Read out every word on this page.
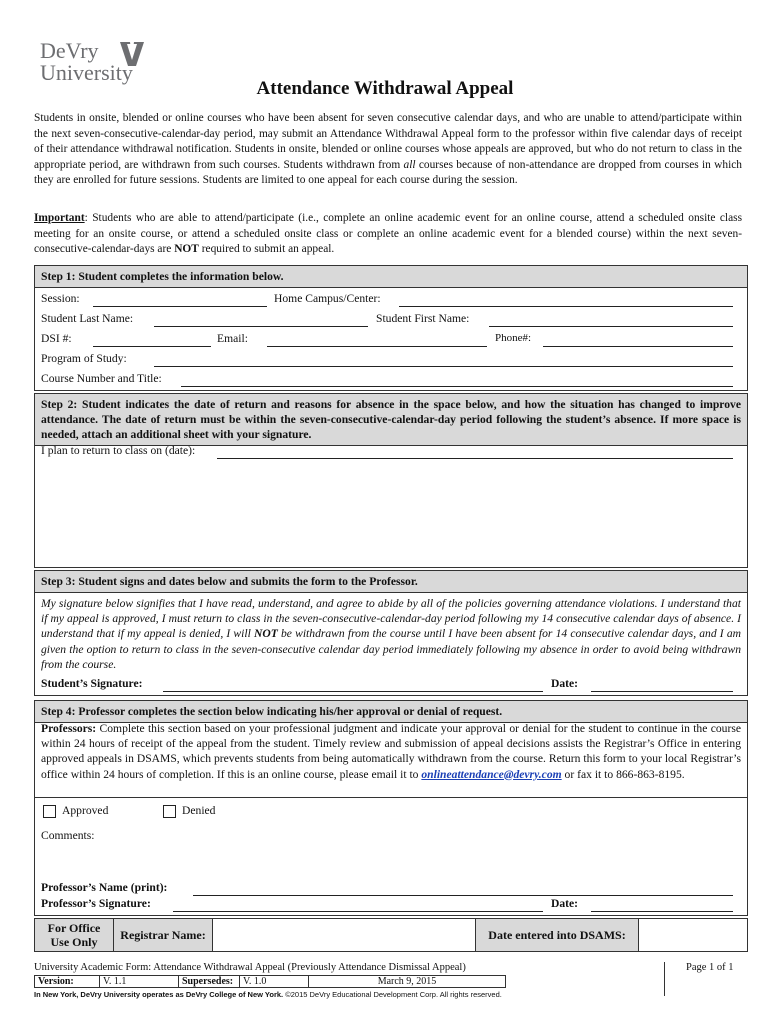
DeVry
University
Attendance Withdrawal Appeal
Students in onsite, blended or online courses who have been absent for seven consecutive calendar days, and who are unable to attend/participate within the next seven-consecutive-calendar-day period, may submit an Attendance Withdrawal Appeal form to the professor within five calendar days of receipt of their attendance withdrawal notification. Students in onsite, blended or online courses whose appeals are approved, but who do not return to class in the appropriate period, are withdrawn from such courses. Students withdrawn from all courses because of non-attendance are dropped from courses in which they are enrolled for future sessions. Students are limited to one appeal for each course during the session.
Important: Students who are able to attend/participate (i.e., complete an online academic event for an online course, attend a scheduled onsite class meeting for an onsite course, or attend a scheduled onsite class or complete an online academic event for a blended course) within the next seven-consecutive-calendar-days are NOT required to submit an appeal.
Step 1: Student completes the information below.
Session:	Home Campus/Center:
Student Last Name:	Student First Name:
DSI #:	Email:	Phone#:
Program of Study:
Course Number and Title:
Step 2: Student indicates the date of return and reasons for absence in the space below, and how the situation has changed to improve attendance. The date of return must be within the seven-consecutive-calendar-day period following the student’s absence. If more space is needed, attach an additional sheet with your signature.
I plan to return to class on (date):
Step 3: Student signs and dates below and submits the form to the Professor.
My signature below signifies that I have read, understand, and agree to abide by all of the policies governing attendance violations. I understand that if my appeal is approved, I must return to class in the seven-consecutive-calendar-day period following my 14 consecutive calendar days of absence. I understand that if my appeal is denied, I will NOT be withdrawn from the course until I have been absent for 14 consecutive calendar days, and I am given the option to return to class in the seven-consecutive calendar day period immediately following my absence in order to avoid being withdrawn from the course.
Student’s Signature:	Date:
Step 4: Professor completes the section below indicating his/her approval or denial of request.
Professors: Complete this section based on your professional judgment and indicate your approval or denial for the student to continue in the course within 24 hours of receipt of the appeal from the student. Timely review and submission of appeal decisions assists the Registrar’s Office in entering approved appeals in DSAMS, which prevents students from being automatically withdrawn from the course. Return this form to your local Registrar’s office within 24 hours of completion. If this is an online course, please email it to onlineattendance@devry.com or fax it to 866-863-8195.
Approved	Denied
Comments:
Professor’s Name (print):
Professor’s Signature:	Date:
For Office Use Only	Registrar Name:		Date entered into DSAMS:	
University Academic Form: Attendance Withdrawal Appeal (Previously Attendance Dismissal Appeal)
Version:	V. 1.1	Supersedes:	V. 1.0	March 9, 2015
Page 1 of 1
In New York, DeVry University operates as DeVry College of New York. ©2015 DeVry Educational Development Corp. All rights reserved.
